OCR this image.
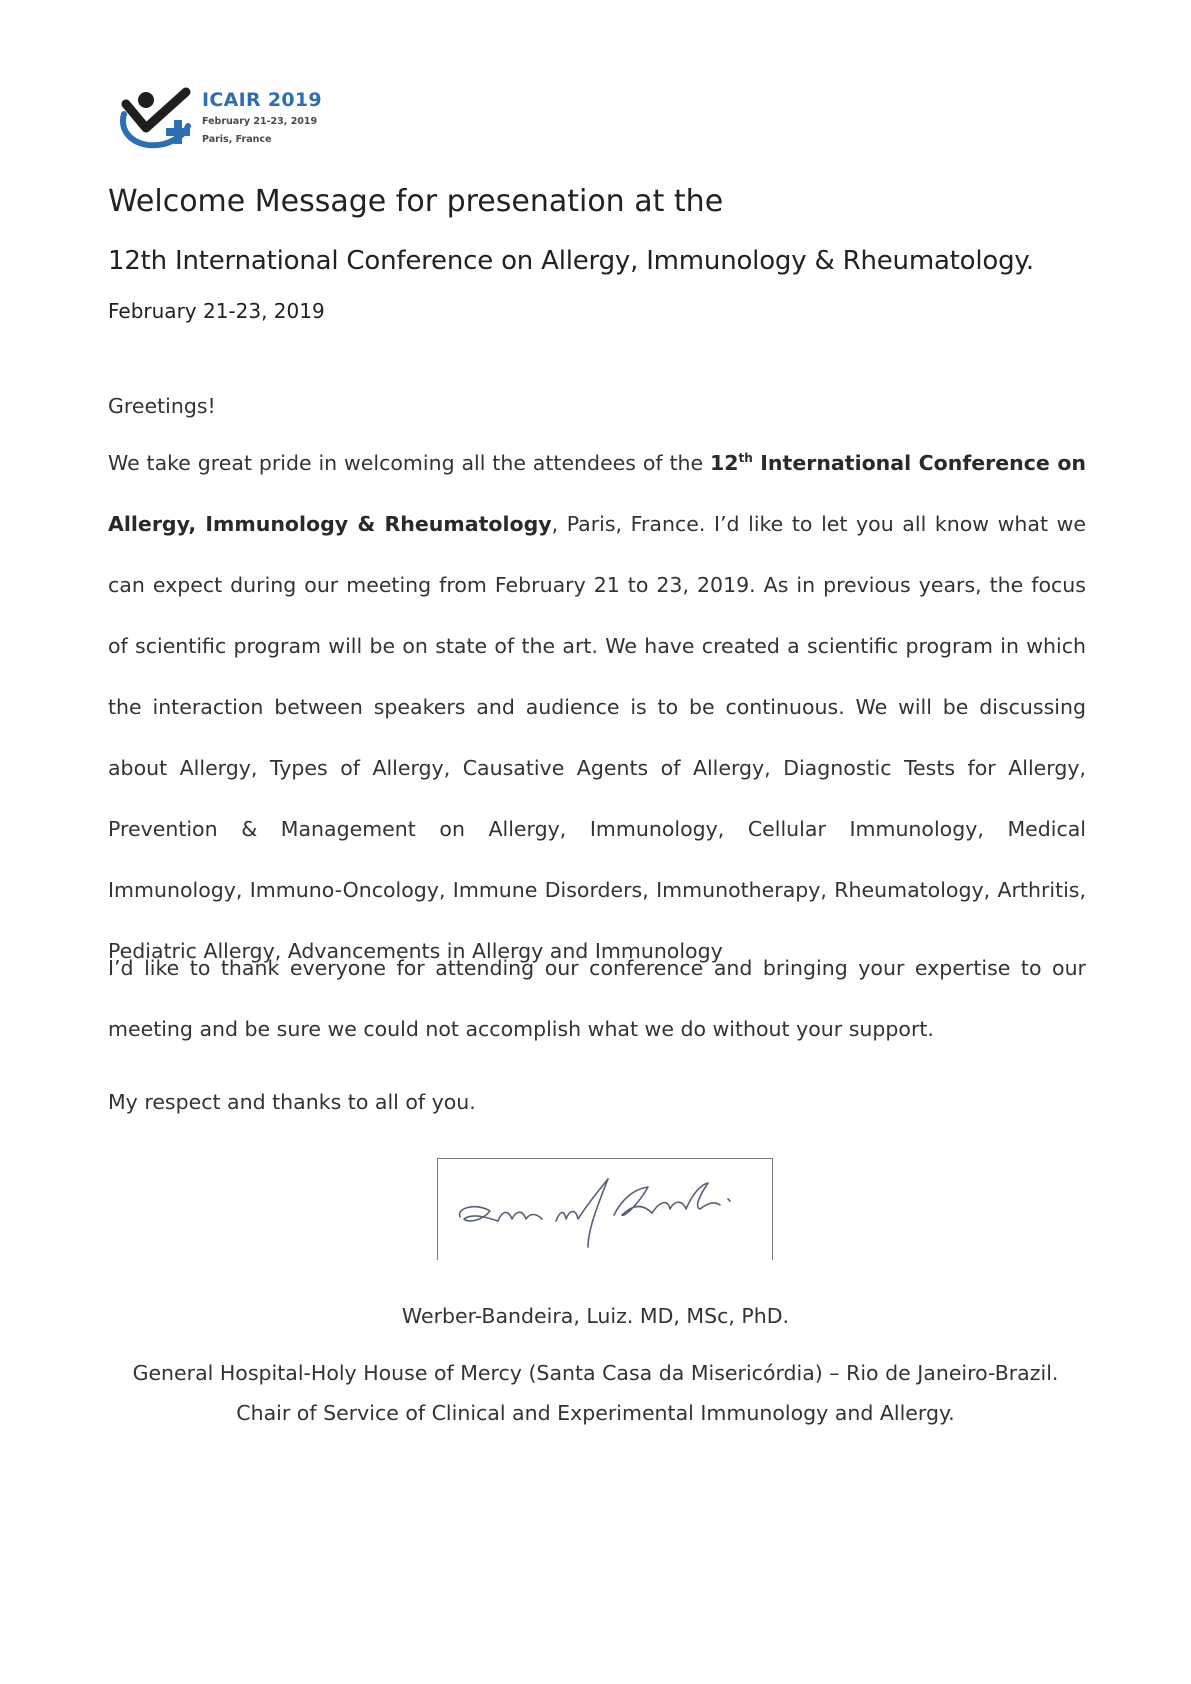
ICAIR 2019
February 21-23, 2019
Paris, France
Welcome Message for presenation at the
12th International Conference on Allergy, Immunology & Rheumatology.
February 21-23, 2019
Greetings!
We take great pride in welcoming all the attendees of the 12th International Conference on Allergy, Immunology & Rheumatology, Paris, France. I’d like to let you all know what we can expect during our meeting from February 21 to 23, 2019. As in previous years, the focus of scientific program will be on state of the art. We have created a scientific program in which the interaction between speakers and audience is to be continuous. We will be discussing about Allergy, Types of Allergy, Causative Agents of Allergy, Diagnostic Tests for Allergy, Prevention & Management on Allergy, Immunology, Cellular Immunology, Medical Immunology, Immuno-Oncology, Immune Disorders, Immunotherapy, Rheumatology, Arthritis, Pediatric Allergy, Advancements in Allergy and Immunology
I’d like to thank everyone for attending our conference and bringing your expertise to our meeting and be sure we could not accomplish what we do without your support.
My respect and thanks to all of you.
Werber-Bandeira, Luiz. MD, MSc, PhD.
General Hospital-Holy House of Mercy (Santa Casa da Misericórdia) – Rio de Janeiro-Brazil.
Chair of Service of Clinical and Experimental Immunology and Allergy.
